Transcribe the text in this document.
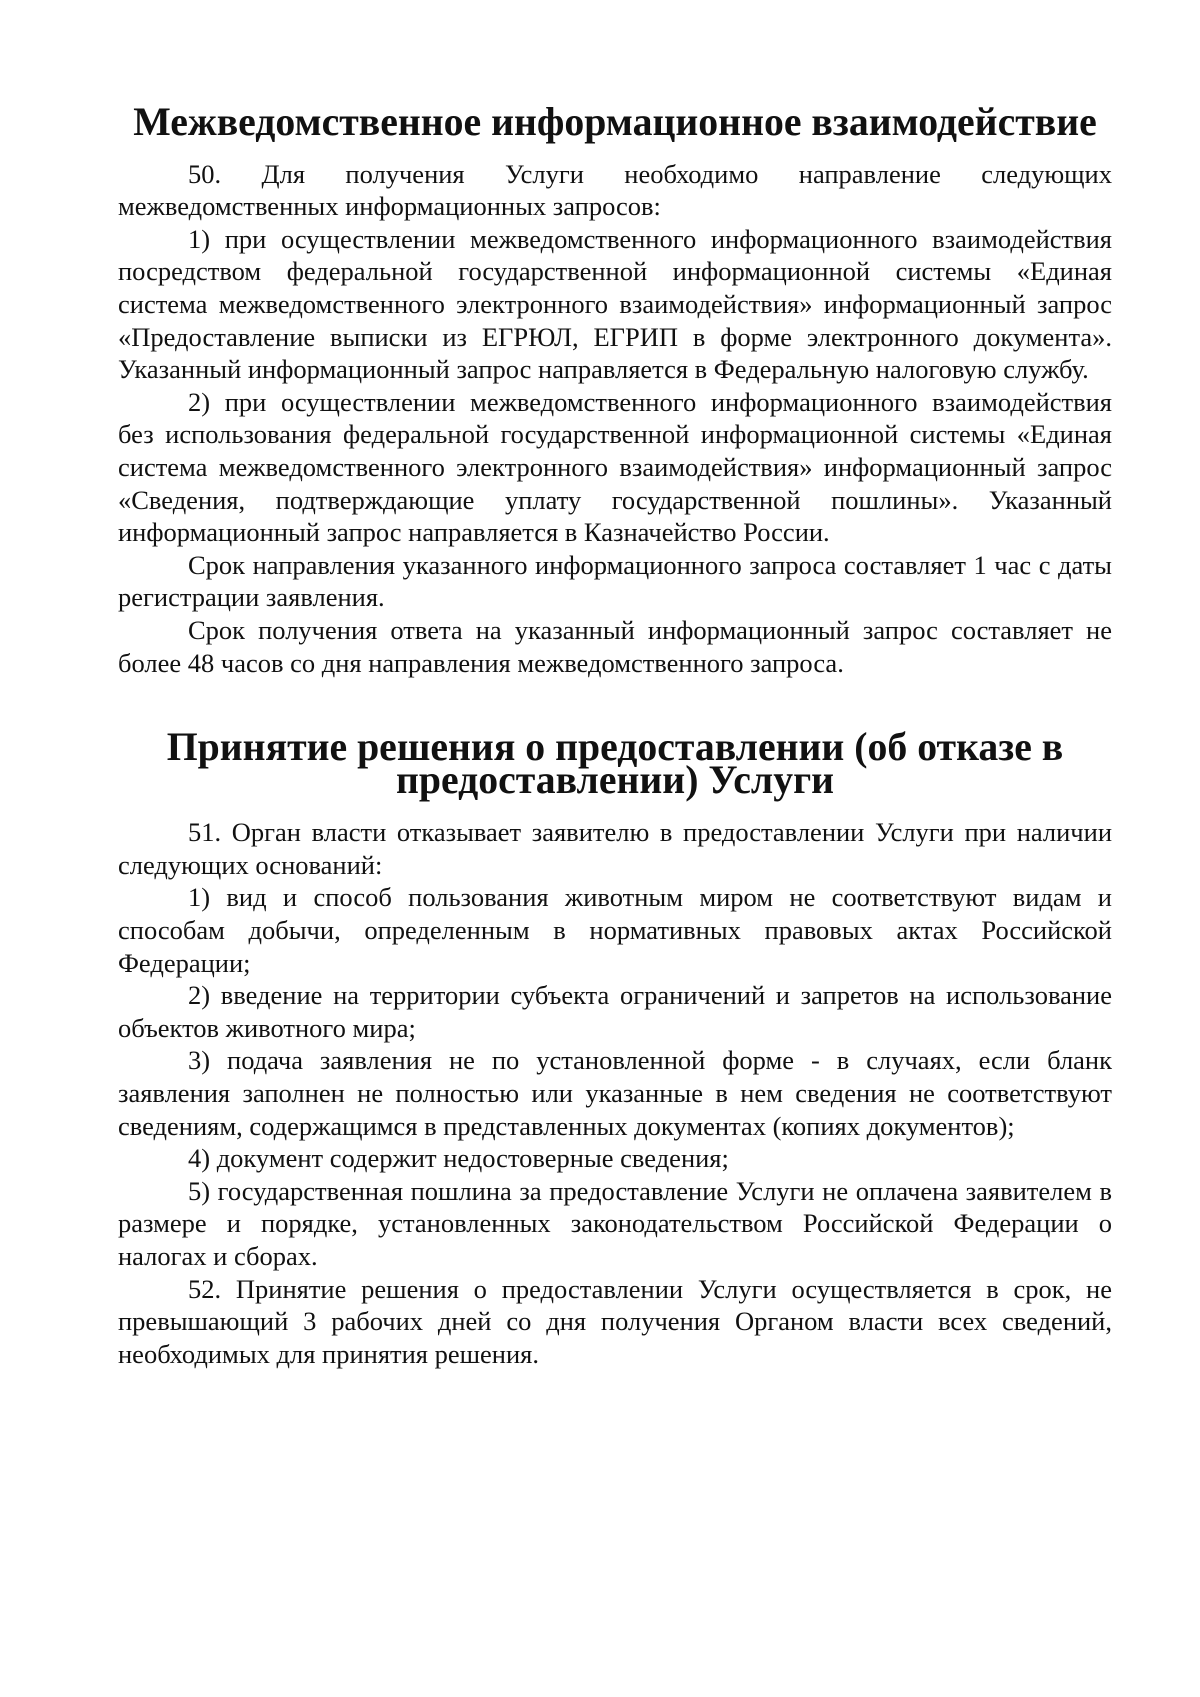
Межведомственное информационное взаимодействие

50. Для получения Услуги необходимо направление следующих межведомственных информационных запросов:

1) при осуществлении межведомственного информационного взаимодействия посредством федеральной государственной информационной системы «Единая система межведомственного электронного взаимодействия» информационный запрос «Предоставление выписки из ЕГРЮЛ, ЕГРИП в форме электронного документа». Указанный информационный запрос направляется в Федеральную налоговую службу.

2) при осуществлении межведомственного информационного взаимодействия без использования федеральной государственной информационной системы «Единая система межведомственного электронного взаимодействия» информационный запрос «Сведения, подтверждающие уплату государственной пошлины». Указанный информационный запрос направляется в Казначейство России.

Срок направления указанного информационного запроса составляет 1 час с даты регистрации заявления.

Срок получения ответа на указанный информационный запрос составляет не более 48 часов со дня направления межведомственного запроса.

Принятие решения о предоставлении (об отказе в предоставлении) Услуги

51. Орган власти отказывает заявителю в предоставлении Услуги при наличии следующих оснований:

1) вид и способ пользования животным миром не соответствуют видам и способам добычи, определенным в нормативных правовых актах Российской Федерации;

2) введение на территории субъекта ограничений и запретов на использование объектов животного мира;

3) подача заявления не по установленной форме - в случаях, если бланк заявления заполнен не полностью или указанные в нем сведения не соответствуют сведениям, содержащимся в представленных документах (копиях документов);

4) документ содержит недостоверные сведения;

5) государственная пошлина за предоставление Услуги не оплачена заявителем в размере и порядке, установленных законодательством Российской Федерации о налогах и сборах.

52. Принятие решения о предоставлении Услуги осуществляется в срок, не превышающий 3 рабочих дней со дня получения Органом власти всех сведений, необходимых для принятия решения.
